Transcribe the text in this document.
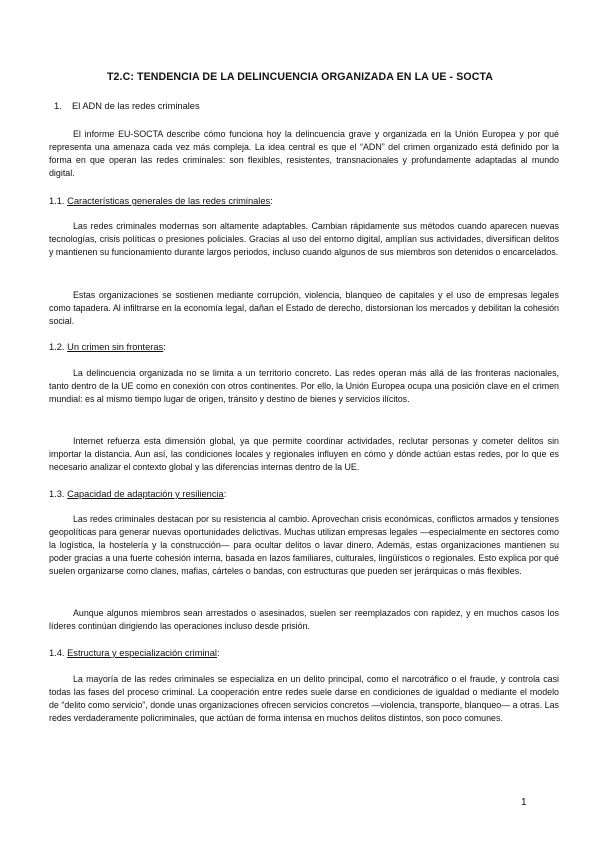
T2.C: TENDENCIA DE LA DELINCUENCIA ORGANIZADA EN LA UE - SOCTA
1. El ADN de las redes criminales

El informe EU-SOCTA describe cómo funciona hoy la delincuencia grave y organizada en la Unión Europea y por qué representa una amenaza cada vez más compleja. La idea central es que el “ADN” del crimen organizado está definido por la forma en que operan las redes criminales: son flexibles, resistentes, transnacionales y profundamente adaptadas al mundo digital.

1.1. Características generales de las redes criminales:

Las redes criminales modernas son altamente adaptables. Cambian rápidamente sus métodos cuando aparecen nuevas tecnologías, crisis políticas o presiones policiales. Gracias al uso del entorno digital, amplían sus actividades, diversifican delitos y mantienen su funcionamiento durante largos periodos, incluso cuando algunos de sus miembros son detenidos o encarcelados.

Estas organizaciones se sostienen mediante corrupción, violencia, blanqueo de capitales y el uso de empresas legales como tapadera. Al infiltrarse en la economía legal, dañan el Estado de derecho, distorsionan los mercados y debilitan la cohesión social.

1.2. Un crimen sin fronteras:

La delincuencia organizada no se limita a un territorio concreto. Las redes operan más allá de las fronteras nacionales, tanto dentro de la UE como en conexión con otros continentes. Por ello, la Unión Europea ocupa una posición clave en el crimen mundial: es al mismo tiempo lugar de origen, tránsito y destino de bienes y servicios ilícitos.

Internet refuerza esta dimensión global, ya que permite coordinar actividades, reclutar personas y cometer delitos sin importar la distancia. Aun así, las condiciones locales y regionales influyen en cómo y dónde actúan estas redes, por lo que es necesario analizar el contexto global y las diferencias internas dentro de la UE.

1.3. Capacidad de adaptación y resiliencia:

Las redes criminales destacan por su resistencia al cambio. Aprovechan crisis económicas, conflictos armados y tensiones geopolíticas para generar nuevas oportunidades delictivas. Muchas utilizan empresas legales —especialmente en sectores como la logística, la hostelería y la construcción— para ocultar delitos o lavar dinero. Además, estas organizaciones mantienen su poder gracias a una fuerte cohesión interna, basada en lazos familiares, culturales, lingüísticos o regionales. Esto explica por qué suelen organizarse como clanes, mafias, cárteles o bandas, con estructuras que pueden ser jerárquicas o más flexibles.

Aunque algunos miembros sean arrestados o asesinados, suelen ser reemplazados con rapidez, y en muchos casos los líderes continúan dirigiendo las operaciones incluso desde prisión.

1.4. Estructura y especialización criminal:

La mayoría de las redes criminales se especializa en un delito principal, como el narcotráfico o el fraude, y controla casi todas las fases del proceso criminal. La cooperación entre redes suele darse en condiciones de igualdad o mediante el modelo de “delito como servicio”, donde unas organizaciones ofrecen servicios concretos —violencia, transporte, blanqueo— a otras. Las redes verdaderamente policriminales, que actúan de forma intensa en muchos delitos distintos, son poco comunes.

1
